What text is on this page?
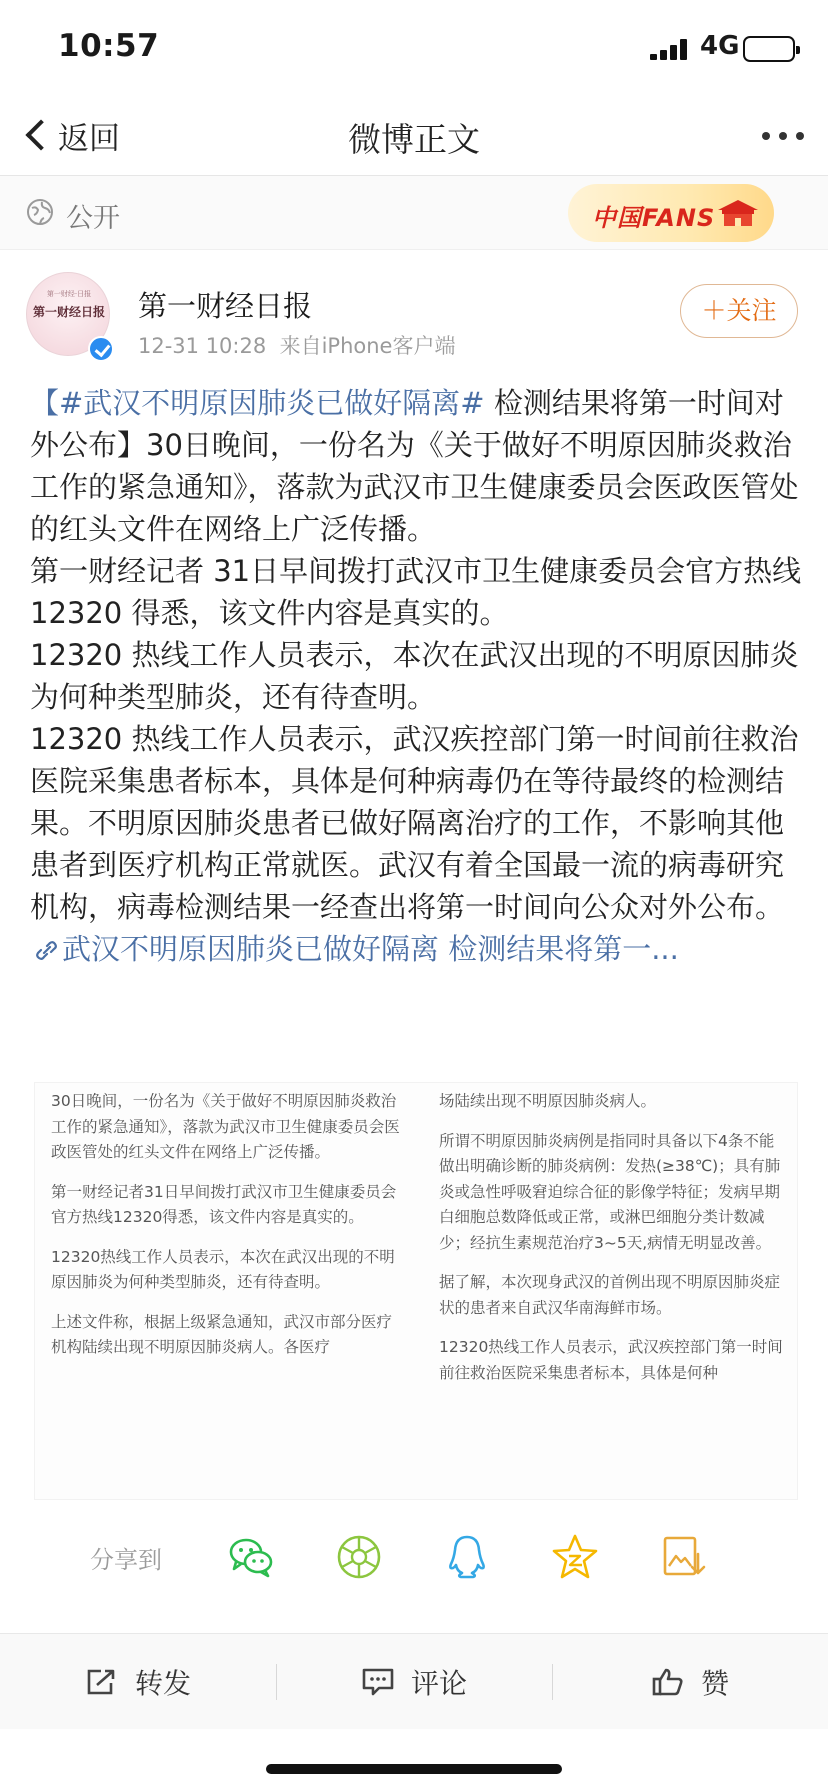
10:57	4G
返回	微博正文
公开	中国FANS
第一财经·日报
第一财经日报 第一财经日报
12-31 10:28 来自iPhone客户端
＋关注

【#武汉不明原因肺炎已做好隔离# 检测结果将第一时间对外公布】30日晚间，一份名为《关于做好不明原因肺炎救治工作的紧急通知》，落款为武汉市卫生健康委员会医政医管处的红头文件在网络上广泛传播。

第一财经记者 31日早间拨打武汉市卫生健康委员会官方热线 12320 得悉，该文件内容是真实的。

12320 热线工作人员表示，本次在武汉出现的不明原因肺炎为何种类型肺炎，还有待查明。

12320 热线工作人员表示，武汉疾控部门第一时间前往救治医院采集患者标本，具体是何种病毒仍在等待最终的检测结果。不明原因肺炎患者已做好隔离治疗的工作，不影响其他患者到医疗机构正常就医。武汉有着全国最一流的病毒研究机构，病毒检测结果一经查出将第一时间向公众对外公布。武汉不明原因肺炎已做好隔离 检测结果将第一...

30日晚间，一份名为《关于做好不明原因肺炎救治工作的紧急通知》，落款为武汉市卫生健康委员会医政医管处的红头文件在网络上广泛传播。

第一财经记者31日早间拨打武汉市卫生健康委员会官方热线12320得悉，该文件内容是真实的。

12320热线工作人员表示，本次在武汉出现的不明原因肺炎为何种类型肺炎，还有待查明。

上述文件称，根据上级紧急通知，武汉市部分医疗机构陆续出现不明原因肺炎病人。各医疗

场陆续出现不明原因肺炎病人。

所谓不明原因肺炎病例是指同时具备以下4条不能做出明确诊断的肺炎病例：发热(≥38℃)；具有肺炎或急性呼吸窘迫综合征的影像学特征；发病早期白细胞总数降低或正常，或淋巴细胞分类计数减少；经抗生素规范治疗3~5天,病情无明显改善。

据了解，本次现身武汉的首例出现不明原因肺炎症状的患者来自武汉华南海鲜市场。

12320热线工作人员表示，武汉疾控部门第一时间前往救治医院采集患者标本，具体是何种

分享到
转发	评论	赞
